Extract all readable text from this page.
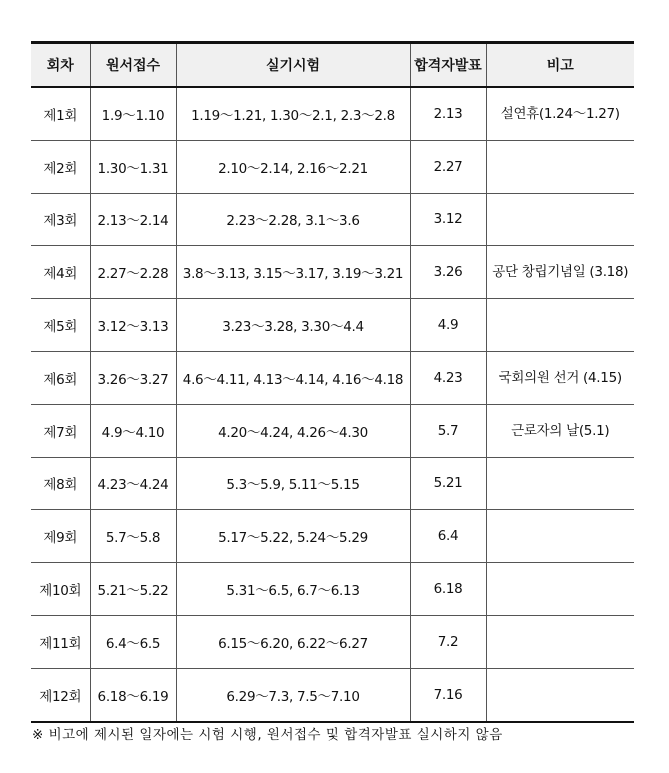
회차	원서접수	실기시험	합격자발표	비고
제1회	1.9～1.10	1.19～1.21, 1.30～2.1, 2.3～2.8	2.13	설연휴(1.24～1.27)
제2회	1.30～1.31	2.10～2.14, 2.16～2.21	2.27	
제3회	2.13～2.14	2.23～2.28, 3.1～3.6	3.12	
제4회	2.27～2.28	3.8～3.13, 3.15～3.17, 3.19～3.21	3.26	공단 창립기념일 (3.18)
제5회	3.12～3.13	3.23～3.28, 3.30～4.4	4.9	
제6회	3.26～3.27	4.6～4.11, 4.13～4.14, 4.16～4.18	4.23	국회의원 선거 (4.15)
제7회	4.9～4.10	4.20～4.24, 4.26～4.30	5.7	근로자의 날(5.1)
제8회	4.23～4.24	5.3～5.9, 5.11～5.15	5.21	
제9회	5.7～5.8	5.17～5.22, 5.24～5.29	6.4	
제10회	5.21～5.22	5.31～6.5, 6.7～6.13	6.18	
제11회	6.4～6.5	6.15～6.20, 6.22～6.27	7.2	
제12회	6.18～6.19	6.29～7.3, 7.5～7.10	7.16	
※ 비고에 제시된 일자에는 시험 시행, 원서접수 및 합격자발표 실시하지 않음
